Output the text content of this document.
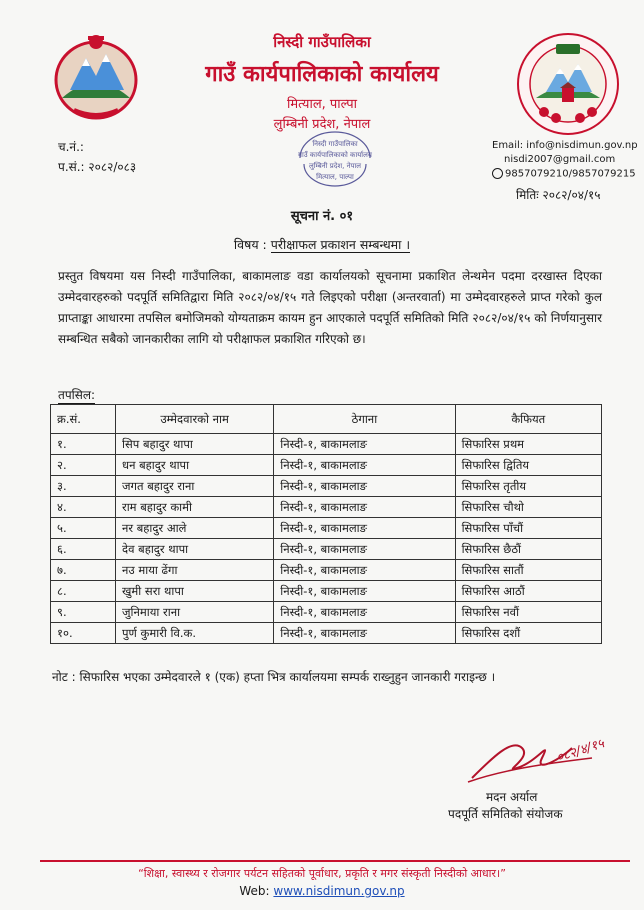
निस्दी गाउँपालिका
गाउँ कार्यपालिकाको कार्यालय
मित्याल, पाल्पा
लुम्बिनी प्रदेश, नेपाल
निस्दी गाउँपालिका
गाउँ कार्यपालिकाको कार्यालय
लुम्बिनी प्रदेश, नेपाल
मित्याल, पाल्पा
च.नं.:
प.सं.: २०८२/०८३
Email: info@nisdimun.gov.np
nisdi2007@gmail.com
9857079210/9857079215
मितिः २०८२/०४/१५
सूचना नं. ०१
विषय : परीक्षाफल प्रकाशन सम्बन्धमा ।
प्रस्तुत विषयमा यस निस्दी गाउँपालिका, बाकामलाङ वडा कार्यालयको सूचनामा प्रकाशित लेन्थमेन पदमा दरखास्त दिएका उम्मेदवारहरुको पदपूर्ति समितिद्वारा मिति २०८२/०४/१५ गते लिइएको परीक्षा (अन्तरवार्ता) मा उम्मेदवारहरुले प्राप्त गरेको कुल प्राप्ताङ्का आधारमा तपसिल बमोजिमको योग्यताक्रम कायम हुन आएकाले पदपूर्ति समितिको मिति २०८२/०४/१५ को निर्णयानुसार सम्बन्धित सबैको जानकारीका लागि यो परीक्षाफल प्रकाशित गरिएको छ।
तपसिल:
क्र.सं.	उम्मेदवारको नाम	ठेगाना	कैफियत
१.	सिप बहादुर थापा	निस्दी-१, बाकामलाङ	सिफारिस प्रथम
२.	धन बहादुर थापा	निस्दी-१, बाकामलाङ	सिफारिस द्वितिय
३.	जगत बहादुर राना	निस्दी-१, बाकामलाङ	सिफारिस तृतीय
४.	राम बहादुर कामी	निस्दी-१, बाकामलाङ	सिफारिस चौथो
५.	नर बहादुर आले	निस्दी-१, बाकामलाङ	सिफारिस पाँचौं
६.	देव बहादुर थापा	निस्दी-१, बाकामलाङ	सिफारिस छैठौं
७.	नउ माया ढेंगा	निस्दी-१, बाकामलाङ	सिफारिस सातौं
८.	खुमी सरा थापा	निस्दी-१, बाकामलाङ	सिफारिस आठौं
९.	जुनिमाया राना	निस्दी-१, बाकामलाङ	सिफारिस नवौं
१०.	पुर्ण कुमारी वि.क.	निस्दी-१, बाकामलाङ	सिफारिस दशौं
नोट : सिफारिस भएका उम्मेदवारले १ (एक) हप्ता भित्र कार्यालयमा सम्पर्क राख्नुहुन जानकारी गराइन्छ ।
०८२/४/१५
मदन अर्याल
पदपूर्ति समितिको संयोजक
“शिक्षा, स्वास्थ्य र रोजगार पर्यटन सहितको पूर्वाधार, प्रकृति र मगर संस्कृती निस्दीको आधार।”
Web: www.nisdimun.gov.np
